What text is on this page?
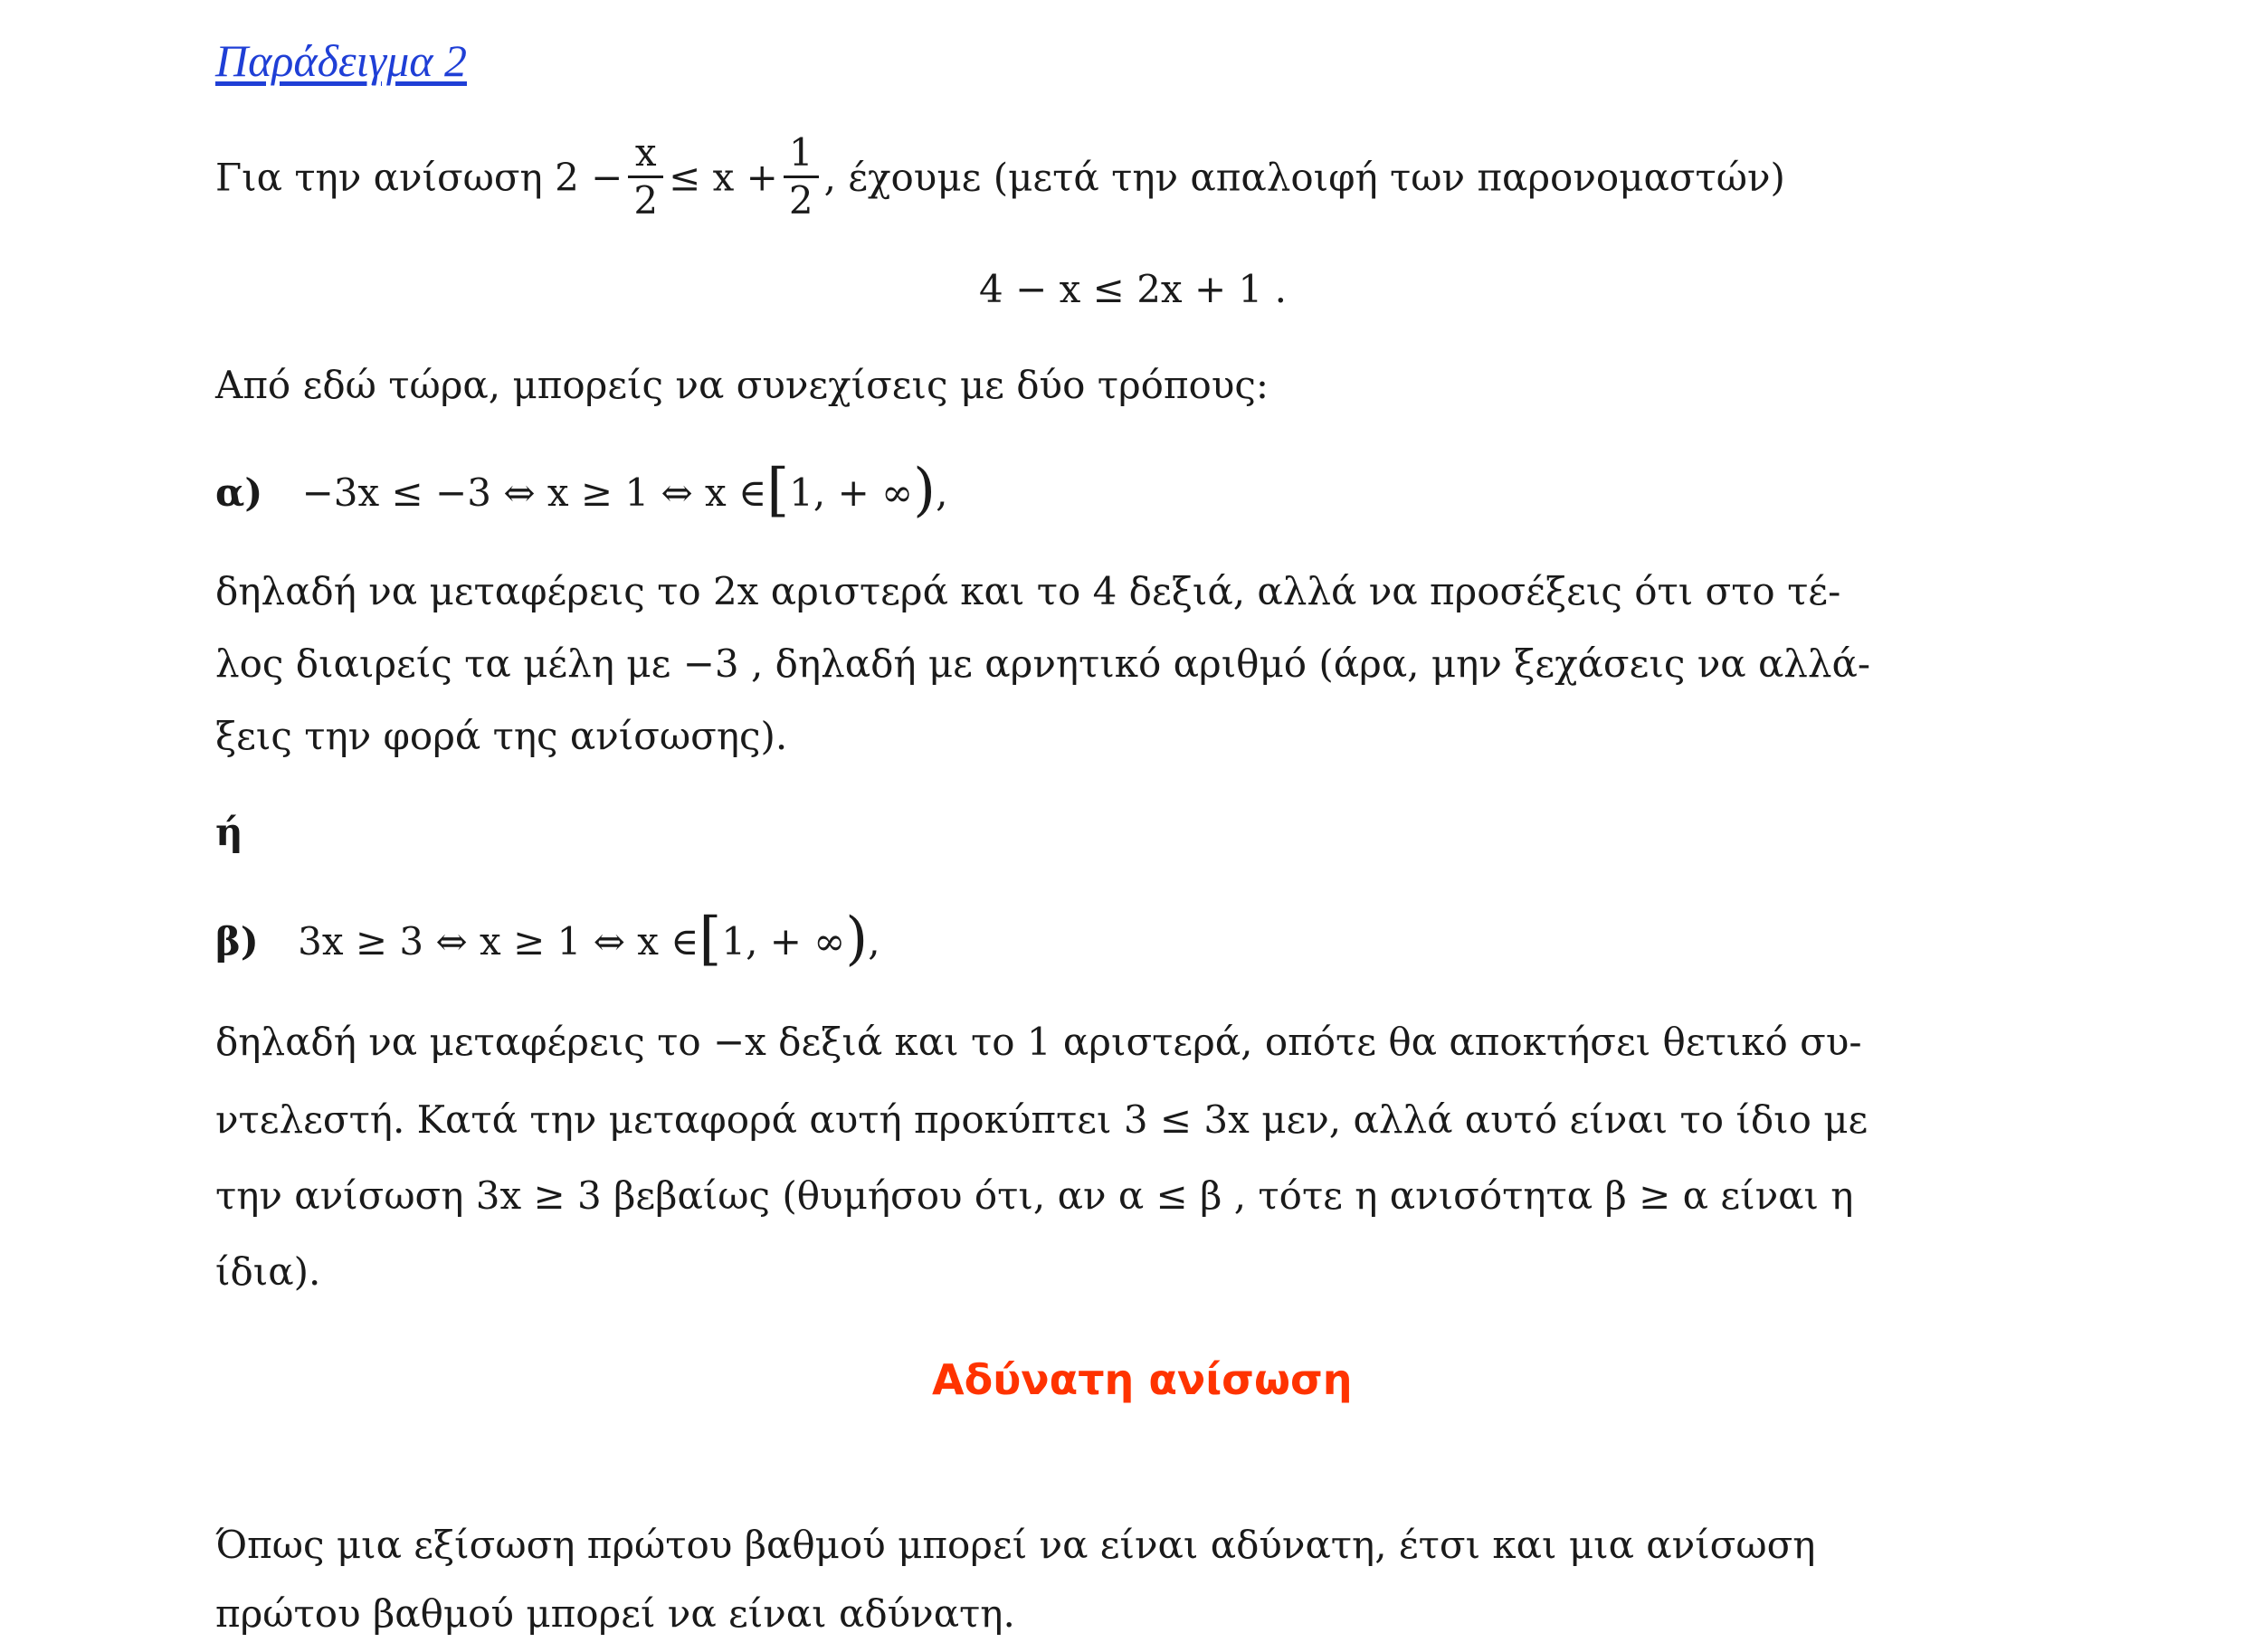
Παράδειγμα 2
Για την ανίσωση $2 - \frac{x}{2} \le x + \frac{1}{2}$ , έχουμε (μετά την απαλοιφή των παρονομαστών)
4 − x ≤ 2x + 1 .
Από εδώ τώρα, μπορείς να συνεχίσεις με δύο τρόπους:
α) −3x ≤ −3 ⇔ x ≥ 1 ⇔ x ∈[1, + ∞),
δηλαδή να μεταφέρεις το 2x αριστερά και το 4 δεξιά, αλλά να προσέξεις ότι στο τέ-
λος διαιρείς τα μέλη με −3 , δηλαδή με αρνητικό αριθμό (άρα, μην ξεχάσεις να αλλά-
ξεις την φορά της ανίσωσης).
ή
β) 3x ≥ 3 ⇔ x ≥ 1 ⇔ x ∈[1, + ∞),
δηλαδή να μεταφέρεις το −x δεξιά και το 1 αριστερά, οπότε θα αποκτήσει θετικό συ-
ντελεστή. Κατά την μεταφορά αυτή προκύπτει 3 ≤ 3x μεν, αλλά αυτό είναι το ίδιο με
την ανίσωση 3x ≥ 3 βεβαίως (θυμήσου ότι, αν α ≤ β , τότε η ανισότητα β ≥ α είναι η
ίδια).
Αδύνατη ανίσωση
Όπως μια εξίσωση πρώτου βαθμού μπορεί να είναι αδύνατη, έτσι και μια ανίσωση
πρώτου βαθμού μπορεί να είναι αδύνατη.
